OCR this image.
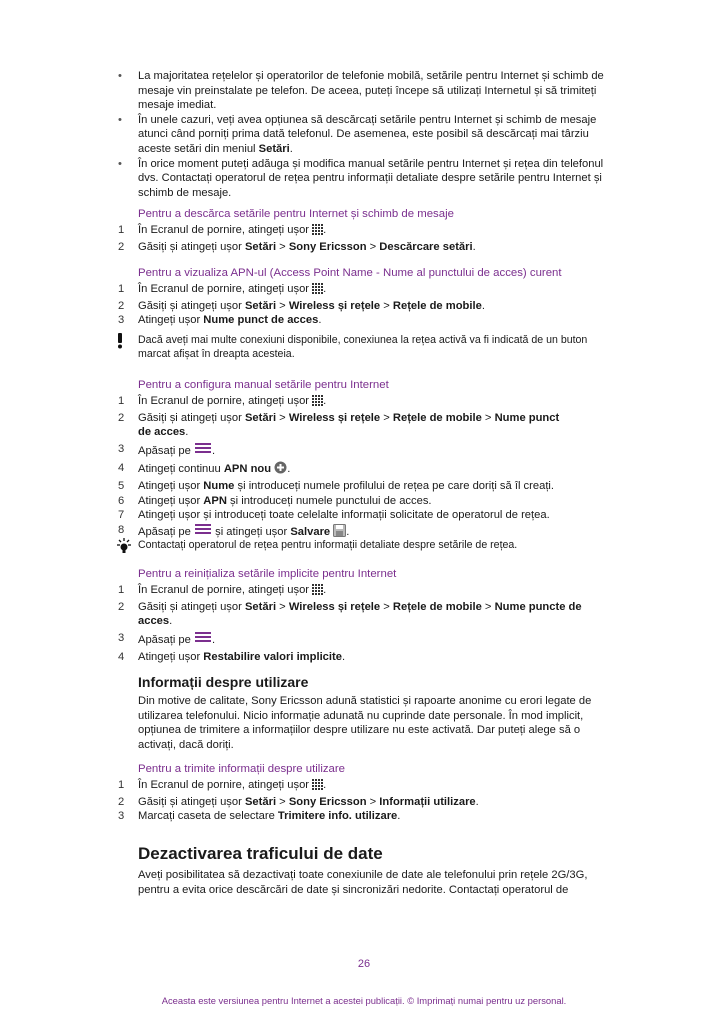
• La majoritatea rețelelor și operatorilor de telefonie mobilă, setările pentru Internet și schimb de mesaje vin preinstalate pe telefon. De aceea, puteți începe să utilizați Internetul și să trimiteți mesaje imediat.

• În unele cazuri, veți avea opțiunea să descărcați setările pentru Internet și schimb de mesaje atunci când porniți prima dată telefonul. De asemenea, este posibil să descărcați mai târziu aceste setări din meniul Setări.

• În orice moment puteți adăuga și modifica manual setările pentru Internet și rețea din telefonul dvs. Contactați operatorul de rețea pentru informații detaliate despre setările pentru Internet și schimb de mesaje.

Pentru a descărca setările pentru Internet și schimb de mesaje

1 În Ecranul de pornire, atingeți ușor .
2 Găsiți și atingeți ușor Setări > Sony Ericsson > Descărcare setări.

Pentru a vizualiza APN-ul (Access Point Name - Nume al punctului de acces) curent

1 În Ecranul de pornire, atingeți ușor .
2 Găsiți și atingeți ușor Setări > Wireless și rețele > Rețele de mobile.
3 Atingeți ușor Nume punct de acces.
Dacă aveți mai multe conexiuni disponibile, conexiunea la rețea activă va fi indicată de un buton marcat afișat în dreapta acesteia.

Pentru a configura manual setările pentru Internet

1 În Ecranul de pornire, atingeți ușor .
2 Găsiți și atingeți ușor Setări > Wireless și rețele > Rețele de mobile > Nume punct
de acces.
3 Apăsați pe .
4 Atingeți continuu APN nou .
5 Atingeți ușor Nume și introduceți numele profilului de rețea pe care doriți să îl creați.
6 Atingeți ușor APN și introduceți numele punctului de acces.
7 Atingeți ușor și introduceți toate celelalte informații solicitate de operatorul de rețea.
8 Apăsați pe și atingeți ușor Salvare .
Contactați operatorul de rețea pentru informații detaliate despre setările de rețea.

Pentru a reinițializa setările implicite pentru Internet

1 În Ecranul de pornire, atingeți ușor .
2 Găsiți și atingeți ușor Setări > Wireless și rețele > Rețele de mobile > Nume puncte de
acces.
3 Apăsați pe .
4 Atingeți ușor Restabilire valori implicite.

Informații despre utilizare

Din motive de calitate, Sony Ericsson adună statistici și rapoarte anonime cu erori legate de utilizarea telefonului. Nicio informație adunată nu cuprinde date personale. În mod implicit, opțiunea de trimitere a informațiilor despre utilizare nu este activată. Dar puteți alege să o activați, dacă doriți.

Pentru a trimite informații despre utilizare

1 În Ecranul de pornire, atingeți ușor .
2 Găsiți și atingeți ușor Setări > Sony Ericsson > Informații utilizare.
3 Marcați caseta de selectare Trimitere info. utilizare.

Dezactivarea traficului de date

Aveți posibilitatea să dezactivați toate conexiunile de date ale telefonului prin rețele 2G/3G, pentru a evita orice descărcări de date și sincronizări nedorite. Contactați operatorul de

26
Aceasta este versiunea pentru Internet a acestei publicații. © Imprimați numai pentru uz personal.
